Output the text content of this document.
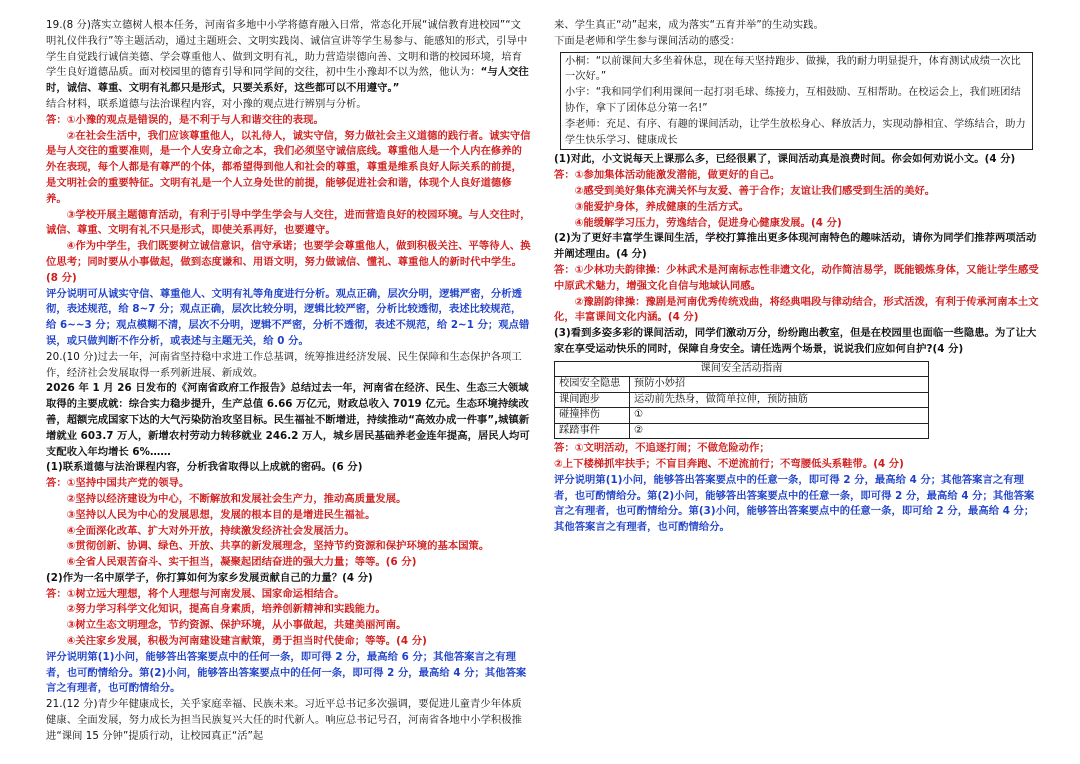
19.(8 分)落实立德树人根本任务，河南省多地中小学将德育融入日常，常态化开展“诚信教育进校园”“文明礼仪伴我行”等主题活动，通过主题班会、文明实践岗、诚信宣讲等学生易参与、能感知的形式，引导中学生自觉践行诚信美德、学会尊重他人、做到文明有礼，助力营造崇德向善、文明和谐的校园环境，培育学生良好道德品质。面对校园里的德育引导和同学间的交往，初中生小豫却不以为然，他认为：“与人交往时，诚信、尊重、文明有礼都只是形式，只要关系好，这些都可以不用遵守。”

结合材料，联系道德与法治课程内容，对小豫的观点进行辨别与分析。

答：①小豫的观点是错误的，是不利于与人和谐交往的表现。

②在社会生活中，我们应该尊重他人，以礼待人，诚实守信，努力做社会主义道德的践行者。诚实守信是与人交往的重要准则，是一个人安身立命之本，我们必须坚守诚信底线。尊重他人是一个人内在修养的外在表现，每个人都是有尊严的个体，都希望得到他人和社会的尊重，尊重是维系良好人际关系的前提，是文明社会的重要特征。文明有礼是一个人立身处世的前提，能够促进社会和谐，体现个人良好道德修养。

③学校开展主题德育活动，有利于引导中学生学会与人交往，进而营造良好的校园环境。与人交往时，诚信、尊重、文明有礼不只是形式，即使关系再好，也要遵守。

④作为中学生，我们既要树立诚信意识，信守承诺；也要学会尊重他人，做到积极关注、平等待人、换位思考；同时要从小事做起，做到态度谦和、用语文明，努力做诚信、懂礼、尊重他人的新时代中学生。(8 分)

评分说明可从诚实守信、尊重他人、文明有礼等角度进行分析。观点正确，层次分明，逻辑严密，分析透彻，表述规范，给 8~7 分；观点正确，层次比较分明，逻辑比较严密，分析比较透彻，表述比较规范，给 6~~3 分；观点模糊不清，层次不分明，逻辑不严密，分析不透彻，表述不规范，给 2~1 分；观点错误，或只做判断不作分析，或表述与主题无关，给 0 分。

20.(10 分)过去一年，河南省坚持稳中求进工作总基调，统筹推进经济发展、民生保障和生态保护各项工作，经济社会发展取得一系列新进展、新成效。

2026 年 1 月 26 日发布的《河南省政府工作报告》总结过去一年，河南省在经济、民生、生态三大领域取得的主要成就：综合实力稳步提升，生产总值 6.66 万亿元，财政总收入 7019 亿元。生态环境持续改善，超额完成国家下达的大气污染防治攻坚目标。民生福祉不断增进，持续推动“高效办成一件事”,城镇新增就业 603.7 万人，新增农村劳动力转移就业 246.2 万人，城乡居民基础养老金连年提高，居民人均可支配收入年均增长 6%……

(1)联系道德与法治课程内容，分析我省取得以上成就的密码。(6 分)

答：①坚持中国共产党的领导。

②坚持以经济建设为中心，不断解放和发展社会生产力，推动高质量发展。

③坚持以人民为中心的发展思想，发展的根本目的是增进民生福祉。

④全面深化改革、扩大对外开放，持续激发经济社会发展活力。

⑤贯彻创新、协调、绿色、开放、共享的新发展理念，坚持节约资源和保护环境的基本国策。

⑥全省人民艰苦奋斗、实干担当，凝聚起团结奋进的强大力量；等等。(6 分)

(2)作为一名中原学子，你打算如何为家乡发展贡献自己的力量？(4 分)

答：①树立远大理想，将个人理想与河南发展、国家命运相结合。

②努力学习科学文化知识，提高自身素质，培养创新精神和实践能力。

③树立生态文明理念，节约资源、保护环境，从小事做起，共建美丽河南。

④关注家乡发展，积极为河南建设建言献策，勇于担当时代使命；等等。(4 分)

评分说明第(1)小问，能够答出答案要点中的任何一条，即可得 2 分，最高给 6 分；其他答案言之有理者，也可酌情给分。第(2)小问，能够答出答案要点中的任何一条，即可得 2 分，最高给 4 分；其他答案言之有理者，也可酌情给分。

21.(12 分)青少年健康成长，关乎家庭幸福、民族未来。习近平总书记多次强调，要促进儿童青少年体质健康、全面发展，努力成长为担当民族复兴大任的时代新人。响应总书记号召，河南省各地中小学积极推进“课间 15 分钟”提质行动，让校园真正“活”起

来、学生真正“动”起来，成为落实“五育并举”的生动实践。

下面是老师和学生参与课间活动的感受：

小桐：“以前课间大多坐着休息，现在每天坚持跑步、做操，我的耐力明显提升，体育测试成绩一次比一次好。”

小宇：“我和同学们利用课间一起打羽毛球、练接力，互相鼓励、互相帮助。在校运会上，我们班团结协作，拿下了团体总分第一名!”

李老师：充足、有序、有趣的课间活动，让学生放松身心、释放活力，实现动静相宜、学练结合，助力学生快乐学习、健康成长

(1)对此，小文说每天上课那么多，已经很累了，课间活动真是浪费时间。你会如何劝说小文。(4 分)

答：①参加集体活动能激发潜能，做更好的自己。

②感受到美好集体充满关怀与友爱、善于合作；友谊让我们感受到生活的美好。

③能爱护身体，养成健康的生活方式。

④能缓解学习压力，劳逸结合，促进身心健康发展。(4 分)

(2)为了更好丰富学生课间生活，学校打算推出更多体现河南特色的趣味活动，请你为同学们推荐两项活动并阐述理由。(4 分)

答：①少林功夫韵律操：少林武术是河南标志性非遗文化，动作简洁易学，既能锻炼身体，又能让学生感受中原武术魅力，增强文化自信与地域认同感。

②豫剧韵律操：豫剧是河南优秀传统戏曲，将经典唱段与律动结合，形式活泼，有利于传承河南本土文化，丰富课间文化内涵。(4 分)

(3)看到多姿多彩的课间活动，同学们激动万分，纷纷跑出教室，但是在校园里也面临一些隐患。为了让大家在享受运动快乐的同时，保障自身安全。请任选两个场景，说说我们应如何自护?(4 分)

课间安全活动指南	
校园安全隐患	预防小妙招
课间跑步	运动前先热身，做简单拉伸，预防抽筋
碰撞摔伤	①
踩踏事件	②

答：①文明活动，不追逐打闹；不做危险动作；

②上下楼梯抓牢扶手；不盲目奔跑、不逆流前行；不弯腰低头系鞋带。(4 分)

评分说明第(1)小问，能够答出答案要点中的任意一条，即可得 2 分，最高给 4 分；其他答案言之有理者，也可酌情给分。第(2)小问，能够答出答案要点中的任意一条，即可得 2 分，最高给 4 分；其他答案言之有理者，也可酌情给分。第(3)小问，能够答出答案要点中的任意一条，即可给 2 分，最高给 4 分；其他答案言之有理者，也可酌情给分。
